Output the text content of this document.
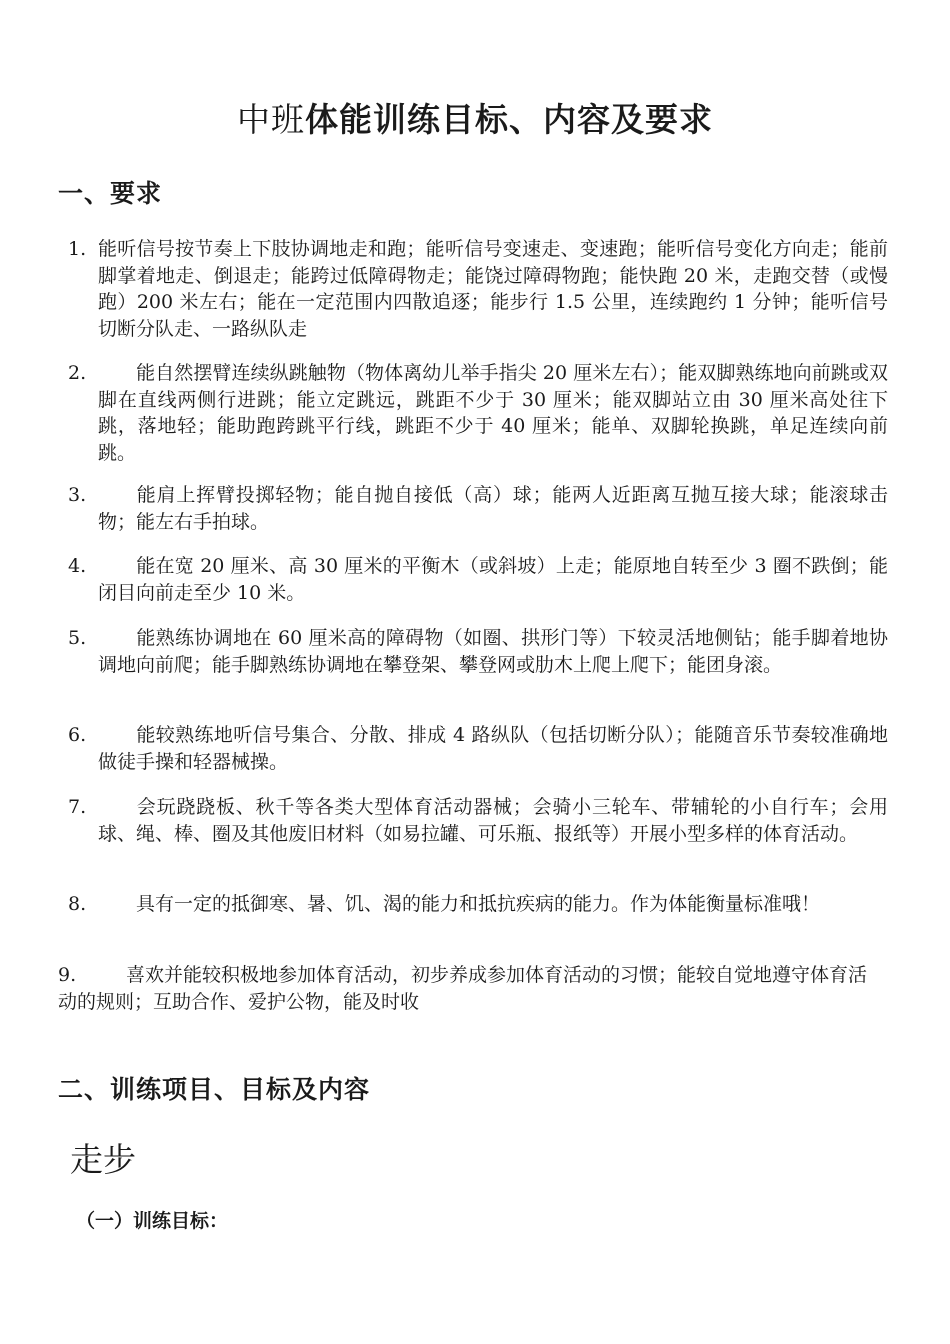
中班体能训练目标、内容及要求
一、要求
1. 能听信号按节奏上下肢协调地走和跑；能听信号变速走、变速跑；能听信号变化方向走；能前脚掌着地走、倒退走；能跨过低障碍物走；能饶过障碍物跑；能快跑 20 米，走跑交替（或慢跑）200 米左右；能在一定范围内四散追逐；能步行 1.5 公里，连续跑约 1 分钟；能听信号切断分队走、一路纵队走
2.	能自然摆臂连续纵跳触物（物体离幼儿举手指尖 20 厘米左右）；能双脚熟练地向前跳或双脚在直线两侧行进跳；能立定跳远，跳距不少于 30 厘米；能双脚站立由 30 厘米高处往下跳，落地轻；能助跑跨跳平行线，跳距不少于 40 厘米；能单、双脚轮换跳，单足连续向前跳。
3.	能肩上挥臂投掷轻物；能自抛自接低（高）球；能两人近距离互抛互接大球；能滚球击物；能左右手拍球。
4.	能在宽 20 厘米、高 30 厘米的平衡木（或斜坡）上走；能原地自转至少 3 圈不跌倒；能闭目向前走至少 10 米。
5.	能熟练协调地在 60 厘米高的障碍物（如圈、拱形门等）下较灵活地侧钻；能手脚着地协调地向前爬；能手脚熟练协调地在攀登架、攀登网或肋木上爬上爬下；能团身滚。
6.	能较熟练地听信号集合、分散、排成 4 路纵队（包括切断分队）；能随音乐节奏较准确地做徒手操和轻器械操。
7.	会玩跷跷板、秋千等各类大型体育活动器械；会骑小三轮车、带辅轮的小自行车；会用球、绳、棒、圈及其他废旧材料（如易拉罐、可乐瓶、报纸等）开展小型多样的体育活动。
8.	具有一定的抵御寒、暑、饥、渴的能力和抵抗疾病的能力。作为体能衡量标准哦！
9.	喜欢并能较积极地参加体育活动，初步养成参加体育活动的习惯；能较自觉地遵守体育活动的规则；互助合作、爱护公物，能及时收
二、训练项目、目标及内容
走步
（一）训练目标：
